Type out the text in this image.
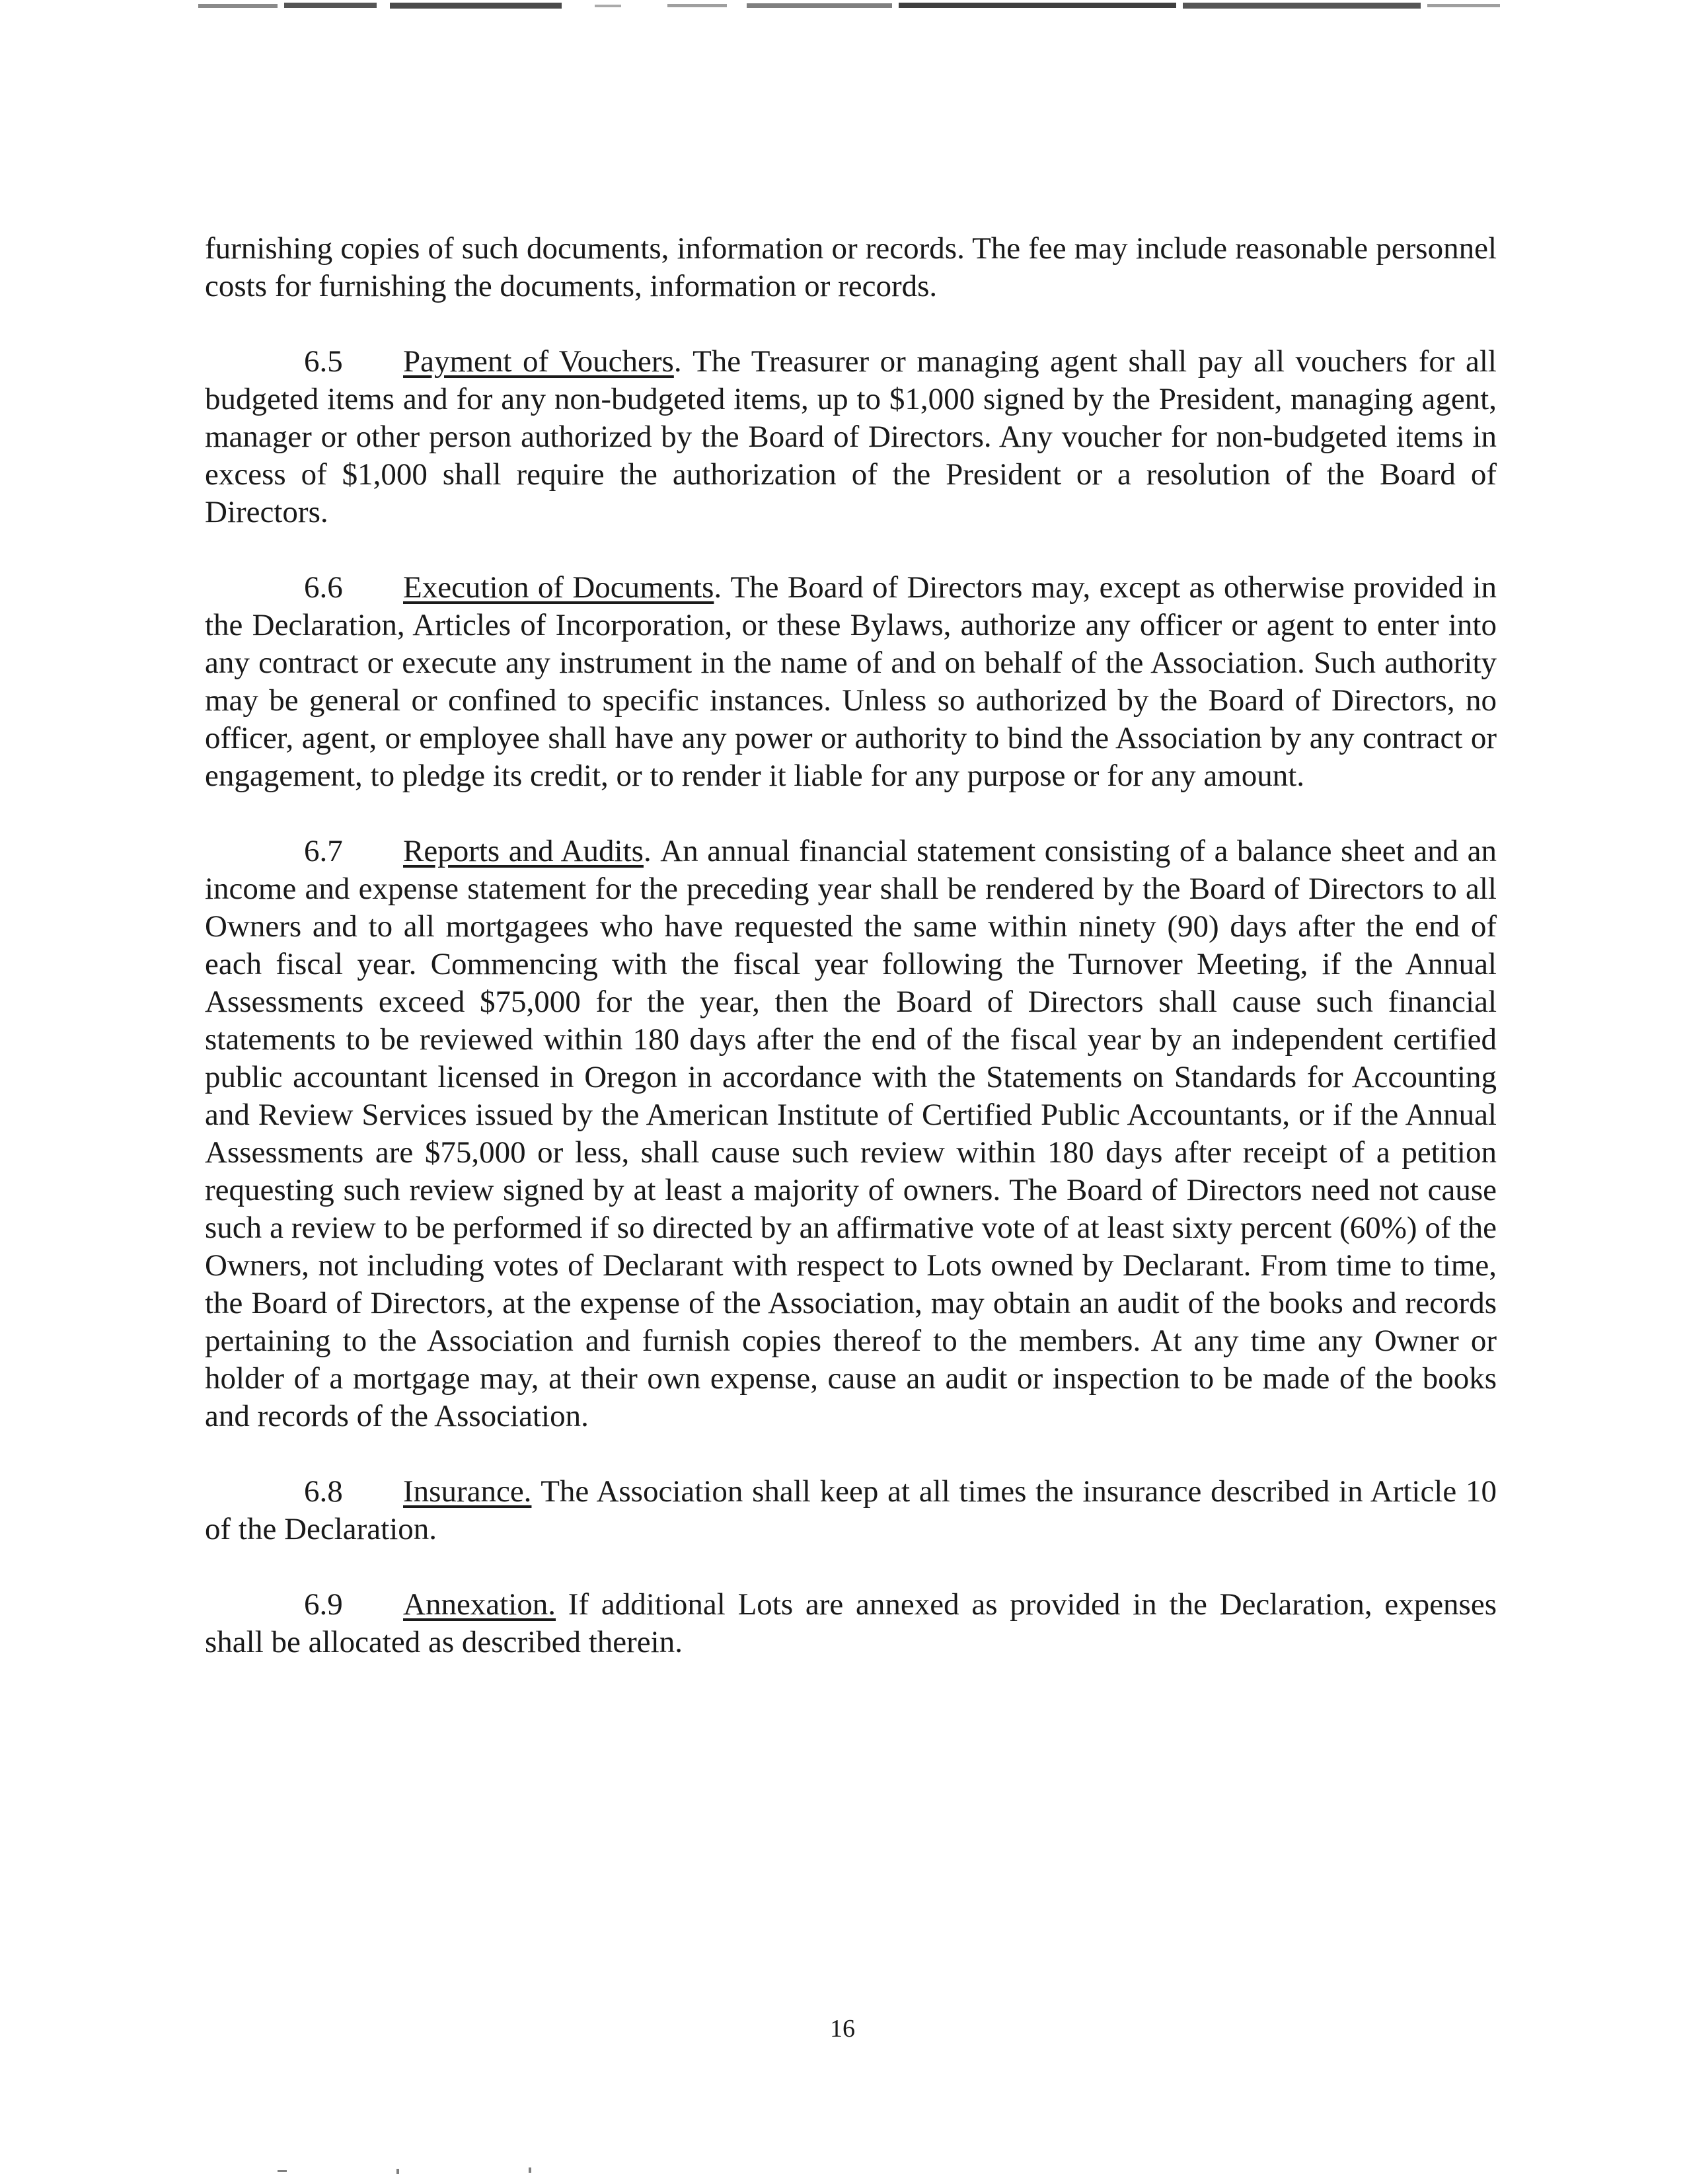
furnishing copies of such documents, information or records. The fee may include reasonable personnel costs for furnishing the documents, information or records.

6.5 Payment of Vouchers. The Treasurer or managing agent shall pay all vouchers for all budgeted items and for any non-budgeted items, up to $1,000 signed by the President, managing agent, manager or other person authorized by the Board of Directors. Any voucher for non-budgeted items in excess of $1,000 shall require the authorization of the President or a resolution of the Board of Directors.

6.6 Execution of Documents. The Board of Directors may, except as otherwise provided in the Declaration, Articles of Incorporation, or these Bylaws, authorize any officer or agent to enter into any contract or execute any instrument in the name of and on behalf of the Association. Such authority may be general or confined to specific instances. Unless so authorized by the Board of Directors, no officer, agent, or employee shall have any power or authority to bind the Association by any contract or engagement, to pledge its credit, or to render it liable for any purpose or for any amount.

6.7 Reports and Audits. An annual financial statement consisting of a balance sheet and an income and expense statement for the preceding year shall be rendered by the Board of Directors to all Owners and to all mortgagees who have requested the same within ninety (90) days after the end of each fiscal year. Commencing with the fiscal year following the Turnover Meeting, if the Annual Assessments exceed $75,000 for the year, then the Board of Directors shall cause such financial statements to be reviewed within 180 days after the end of the fiscal year by an independent certified public accountant licensed in Oregon in accordance with the Statements on Standards for Accounting and Review Services issued by the American Institute of Certified Public Accountants, or if the Annual Assessments are $75,000 or less, shall cause such review within 180 days after receipt of a petition requesting such review signed by at least a majority of owners. The Board of Directors need not cause such a review to be performed if so directed by an affirmative vote of at least sixty percent (60%) of the Owners, not including votes of Declarant with respect to Lots owned by Declarant. From time to time, the Board of Directors, at the expense of the Association, may obtain an audit of the books and records pertaining to the Association and furnish copies thereof to the members. At any time any Owner or holder of a mortgage may, at their own expense, cause an audit or inspection to be made of the books and records of the Association.

6.8 Insurance. The Association shall keep at all times the insurance described in Article 10 of the Declaration.

6.9 Annexation. If additional Lots are annexed as provided in the Declaration, expenses shall be allocated as described therein.

16
